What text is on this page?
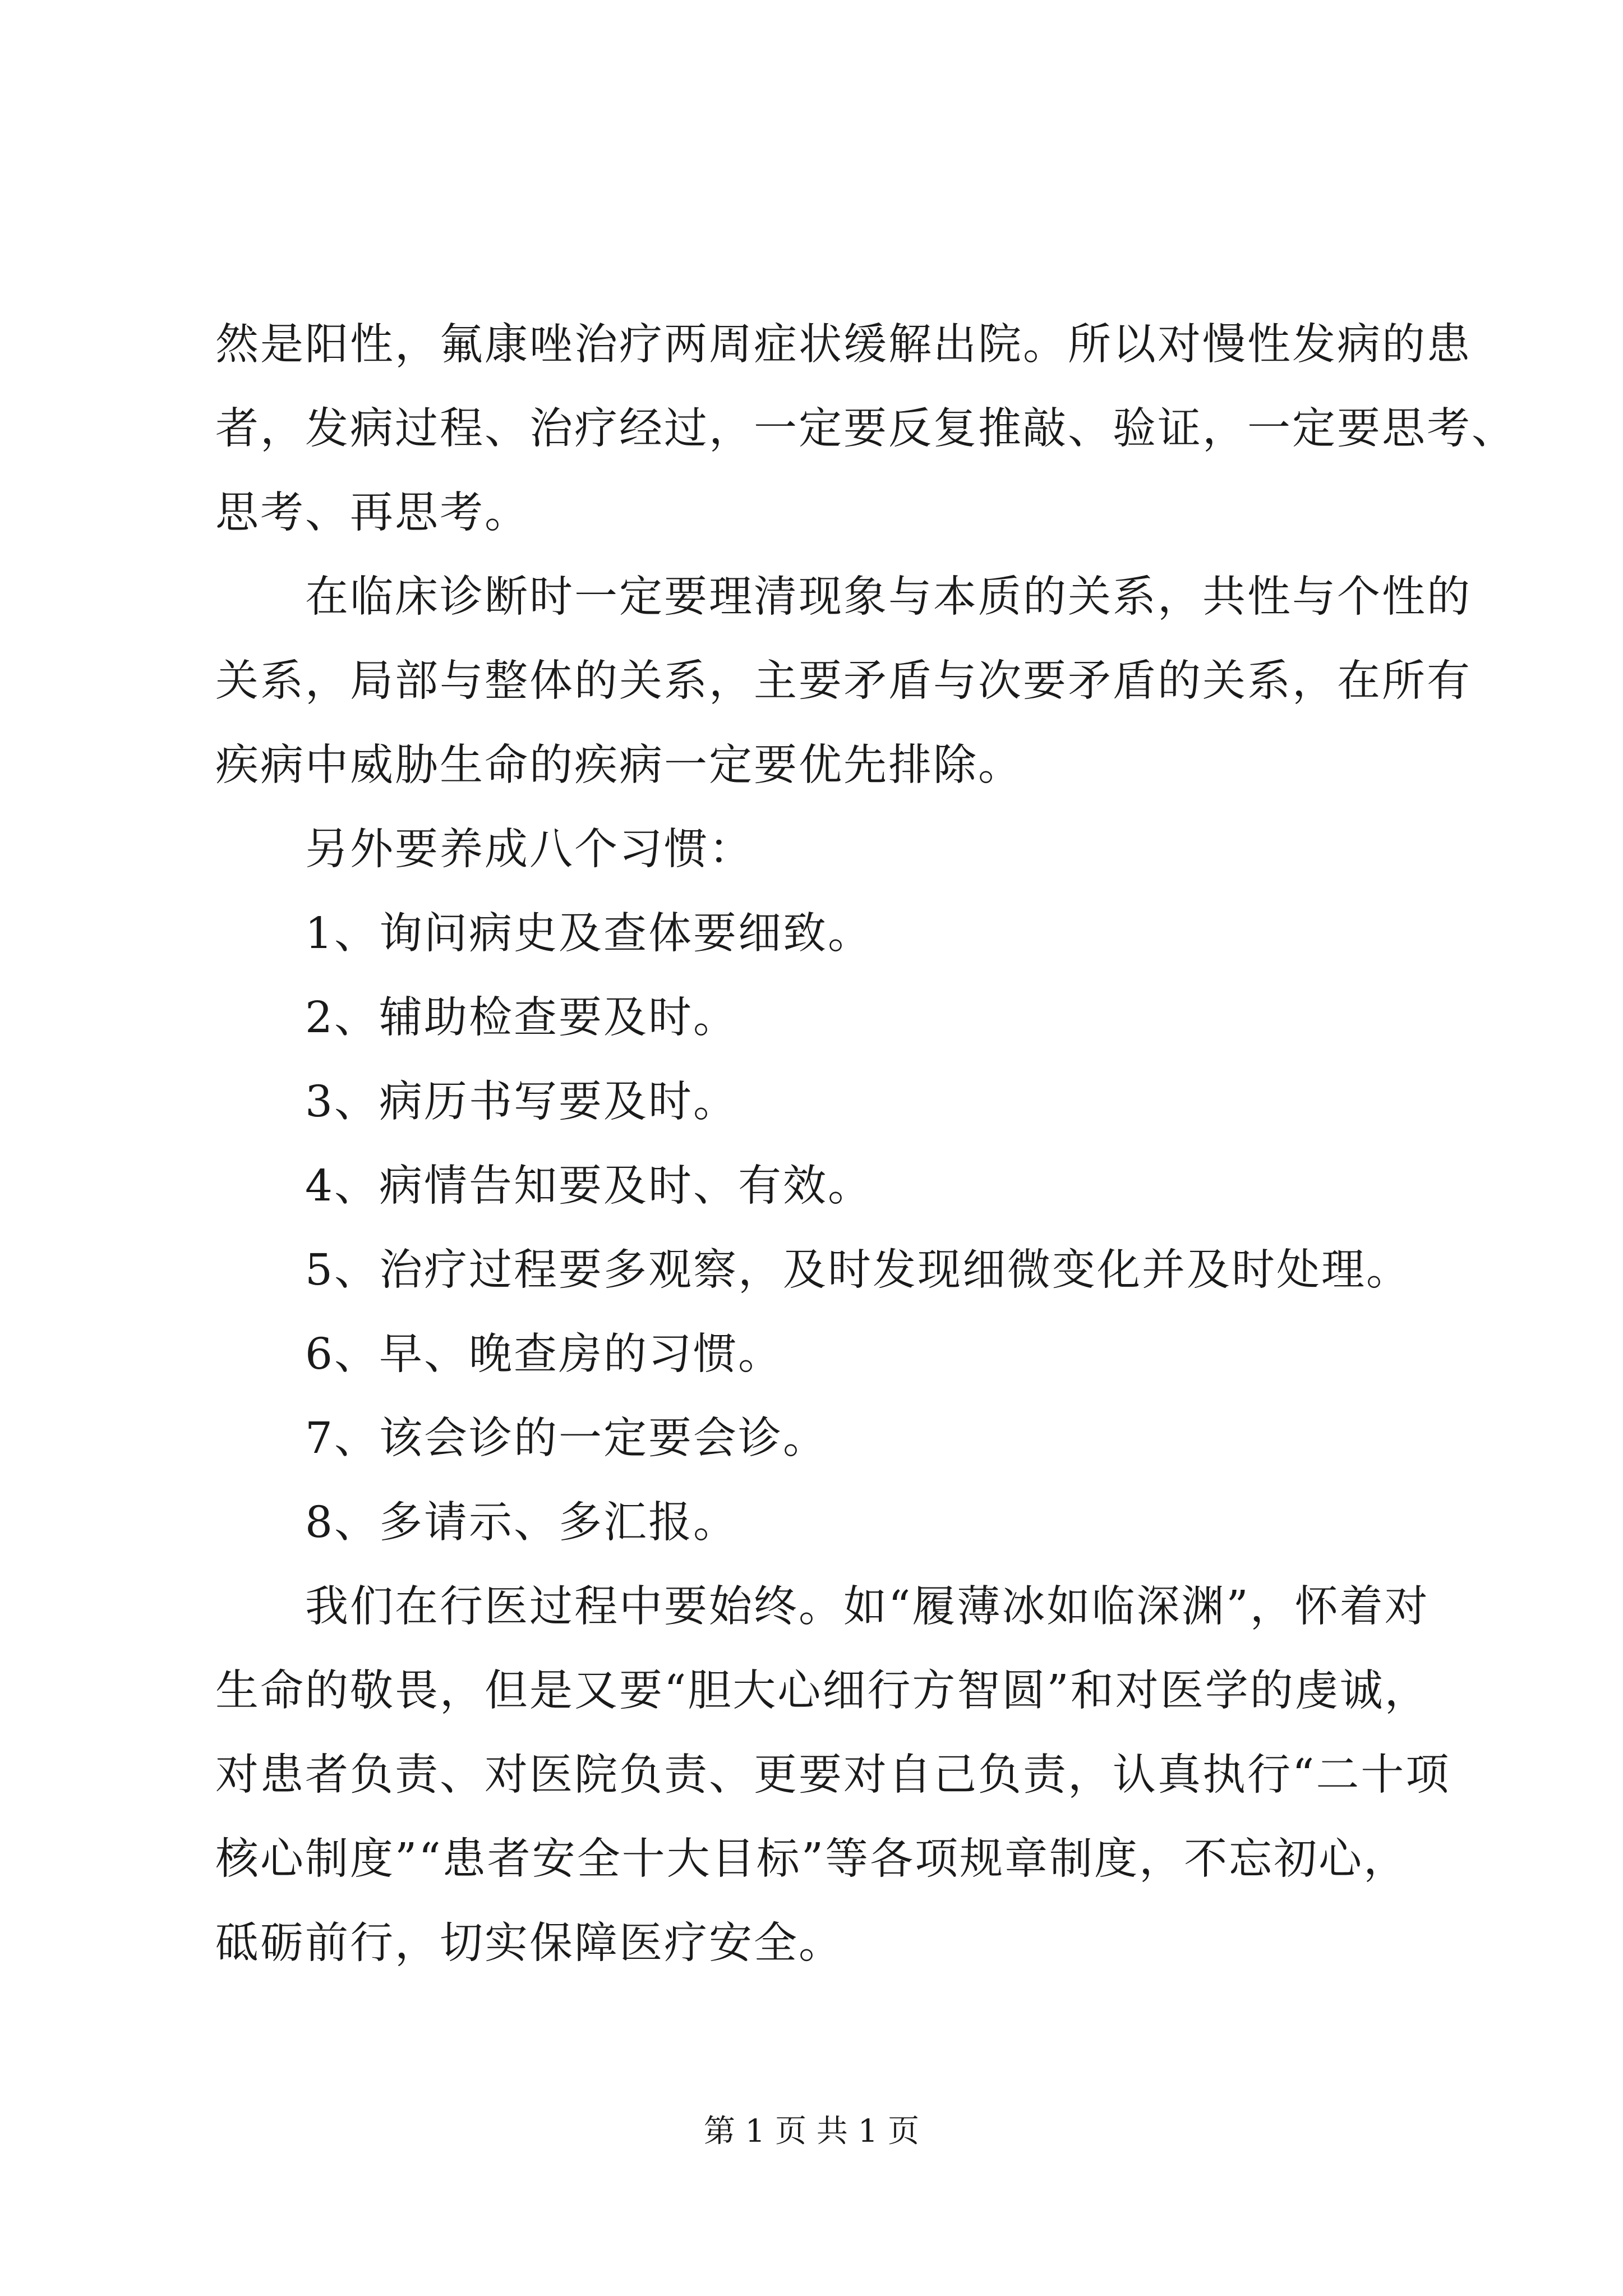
然是阳性，氟康唑治疗两周症状缓解出院。所以对慢性发病的患
者，发病过程、治疗经过，一定要反复推敲、验证，一定要思考、
思考、再思考。
在临床诊断时一定要理清现象与本质的关系，共性与个性的
关系，局部与整体的关系，主要矛盾与次要矛盾的关系，在所有
疾病中威胁生命的疾病一定要优先排除。
另外要养成八个习惯：
1、询问病史及查体要细致。
2、辅助检查要及时。
3、病历书写要及时。
4、病情告知要及时、有效。
5、治疗过程要多观察，及时发现细微变化并及时处理。
6、早、晚查房的习惯。
7、该会诊的一定要会诊。
8、多请示、多汇报。
我们在行医过程中要始终。如“履薄冰如临深渊”，怀着对
生命的敬畏，但是又要“胆大心细行方智圆”和对医学的虔诚，
对患者负责、对医院负责、更要对自己负责，认真执行“二十项
核心制度”“患者安全十大目标”等各项规章制度，不忘初心，
砥砺前行，切实保障医疗安全。
第 1 页 共 1 页
